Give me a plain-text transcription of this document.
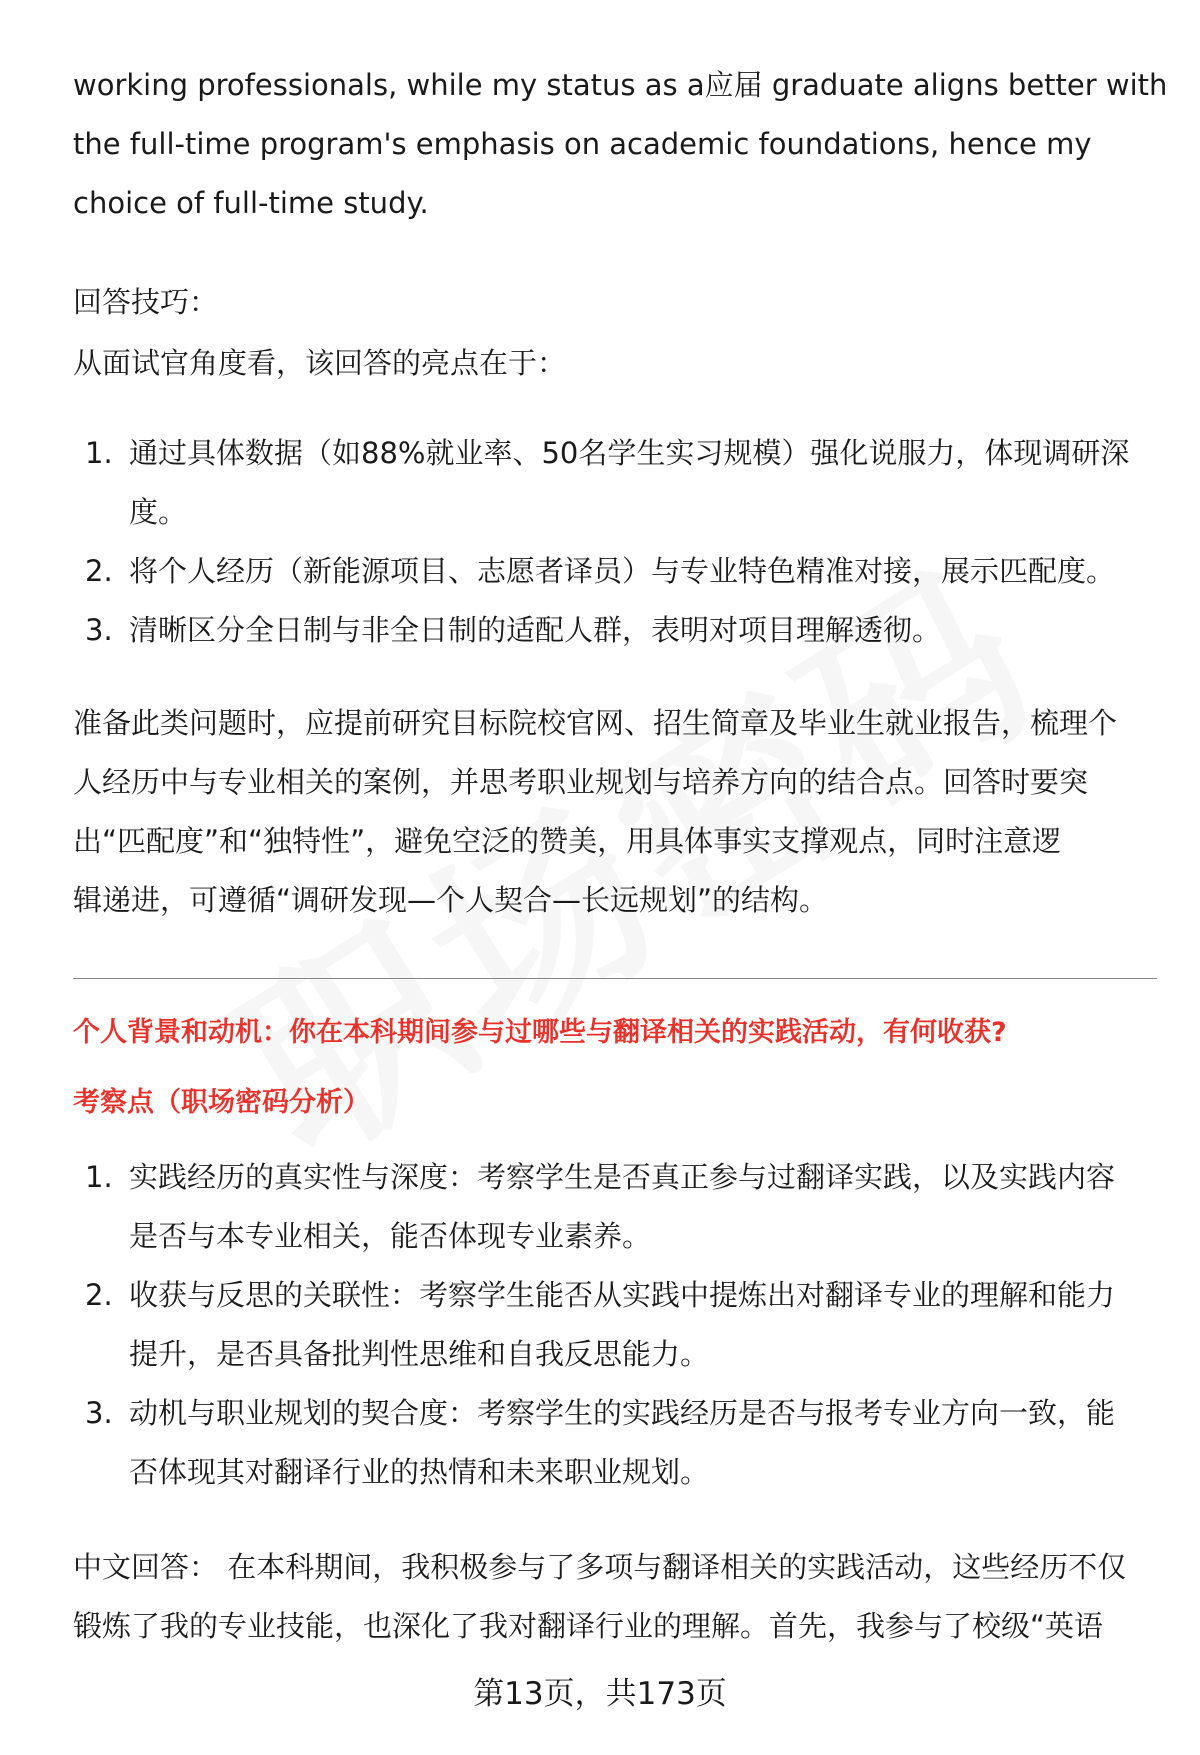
working professionals, while my status as a应届 graduate aligns better with
the full-time program's emphasis on academic foundations, hence my
choice of full-time study.

回答技巧：

从面试官角度看，该回答的亮点在于：

1. 通过具体数据（如88%就业率、50名学生实习规模）强化说服力，体现调研深
度。
2. 将个人经历（新能源项目、志愿者译员）与专业特色精准对接，展示匹配度。
3. 清晰区分全日制与非全日制的适配人群，表明对项目理解透彻。

准备此类问题时，应提前研究目标院校官网、招生简章及毕业生就业报告，梳理个
人经历中与专业相关的案例，并思考职业规划与培养方向的结合点。回答时要突
出“匹配度”和“独特性”，避免空泛的赞美，用具体事实支撑观点，同时注意逻
辑递进，可遵循“调研发现—个人契合—长远规划”的结构。

个人背景和动机：你在本科期间参与过哪些与翻译相关的实践活动，有何收获?

考察点（职场密码分析）

1. 实践经历的真实性与深度：考察学生是否真正参与过翻译实践，以及实践内容
是否与本专业相关，能否体现专业素养。
2. 收获与反思的关联性：考察学生能否从实践中提炼出对翻译专业的理解和能力
提升，是否具备批判性思维和自我反思能力。
3. 动机与职业规划的契合度：考察学生的实践经历是否与报考专业方向一致，能
否体现其对翻译行业的热情和未来职业规划。

中文回答： 在本科期间，我积极参与了多项与翻译相关的实践活动，这些经历不仅
锻炼了我的专业技能，也深化了我对翻译行业的理解。首先，我参与了校级“英语

第13页，共173页
